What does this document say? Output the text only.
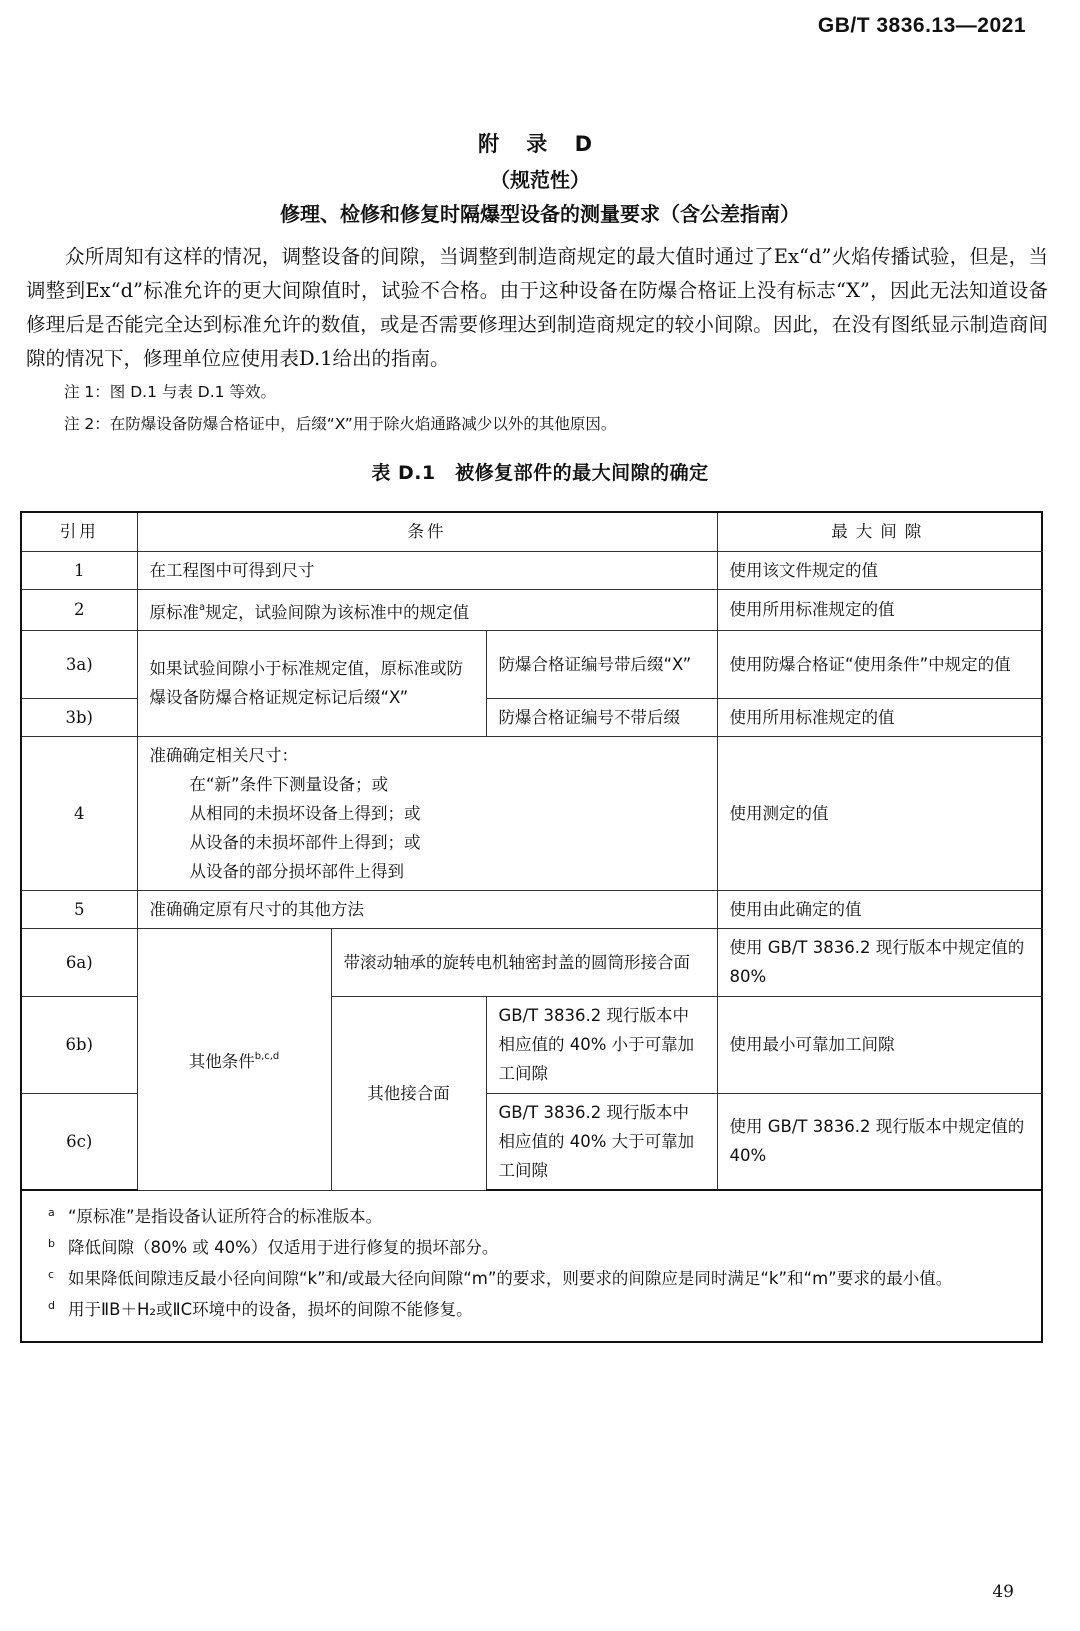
GB/T 3836.13—2021
附 录 D
（规范性）
修理、检修和修复时隔爆型设备的测量要求（含公差指南）

众所周知有这样的情况，调整设备的间隙，当调整到制造商规定的最大值时通过了Ex“d”火焰传播试验，但是，当调整到Ex“d”标准允许的更大间隙值时，试验不合格。由于这种设备在防爆合格证上没有标志“X”，因此无法知道设备修理后是否能完全达到标准允许的数值，或是否需要修理达到制造商规定的较小间隙。因此，在没有图纸显示制造商间隙的情况下，修理单位应使用表D.1给出的指南。

注 1：图 D.1 与表 D.1 等效。
注 2：在防爆设备防爆合格证中，后缀“X”用于除火焰通路减少以外的其他原因。
表 D.1　被修复部件的最大间隙的确定
引用	条件			最大间隙
1	在工程图中可得到尺寸			使用该文件规定的值
2	原标准$^a$规定，试验间隙为该标准中的规定值			使用所用标准规定的值
3a)	如果试验间隙小于标准规定值，原标准或防爆设备防爆合格证规定标记后缀“X”		防爆合格证编号带后缀“X”	使用防爆合格证“使用条件”中规定的值
3b)			防爆合格证编号不带后缀	使用所用标准规定的值
4	准确确定相关尺寸：
在“新”条件下测量设备；或
从相同的未损坏设备上得到；或
从设备的未损坏部件上得到；或
从设备的部分损坏部件上得到			使用测定的值
5	准确确定原有尺寸的其他方法			使用由此确定的值
6a)	其他条件$^{b,c,d}$	带滚动轴承的旋转电机轴密封盖的圆筒形接合面		使用 GB/T 3836.2 现行版本中规定值的 80%
6b)		其他接合面	GB/T 3836.2 现行版本中相应值的 40% 小于可靠加工间隙	使用最小可靠加工间隙
6c)			GB/T 3836.2 现行版本中相应值的 40% 大于可靠加工间隙	使用 GB/T 3836.2 现行版本中规定值的 40%
a “原标准”是指设备认证所符合的标准版本。
b 降低间隙（80% 或 40%）仅适用于进行修复的损坏部分。
c 如果降低间隙违反最小径向间隙“k”和/或最大径向间隙“m”的要求，则要求的间隙应是同时满足“k”和“m”要求的最小值。
d 用于ⅡB＋H₂或ⅡC环境中的设备，损坏的间隙不能修复。
49
